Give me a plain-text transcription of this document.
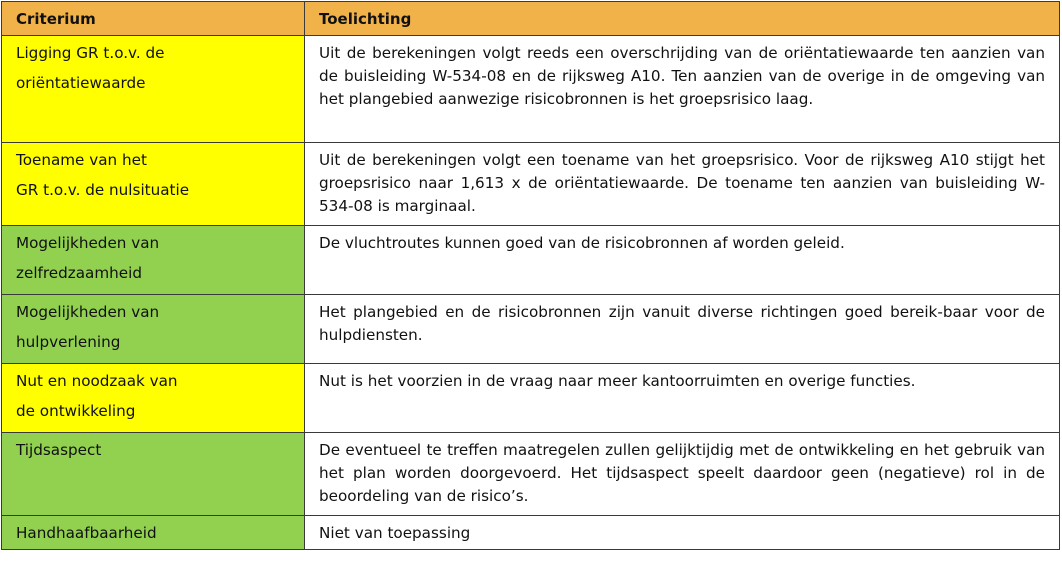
Criterium	Toelichting
Ligging GR t.o.v. de
oriëntatiewaarde	Uit de berekeningen volgt reeds een overschrijding van de oriëntatiewaarde ten aanzien van de buisleiding W-534-08 en de rijksweg A10. Ten aanzien van de overige in de omgeving van het plangebied aanwezige risicobronnen is het groepsrisico laag.
Toename van het
GR t.o.v. de nulsituatie	Uit de berekeningen volgt een toename van het groepsrisico. Voor de rijksweg A10 stijgt het groepsrisico naar 1,613 x de oriëntatiewaarde. De toename ten aanzien van buisleiding W-534-08 is marginaal.
Mogelijkheden van
zelfredzaamheid	De vluchtroutes kunnen goed van de risicobronnen af worden geleid.
Mogelijkheden van
hulpverlening	Het plangebied en de risicobronnen zijn vanuit diverse richtingen goed bereik-baar voor de hulpdiensten.
Nut en noodzaak van
de ontwikkeling	Nut is het voorzien in de vraag naar meer kantoorruimten en overige functies.
Tijdsaspect	De eventueel te treffen maatregelen zullen gelijktijdig met de ontwikkeling en het gebruik van het plan worden doorgevoerd. Het tijdsaspect speelt daardoor geen (negatieve) rol in de beoordeling van de risico’s.
Handhaafbaarheid	Niet van toepassing
